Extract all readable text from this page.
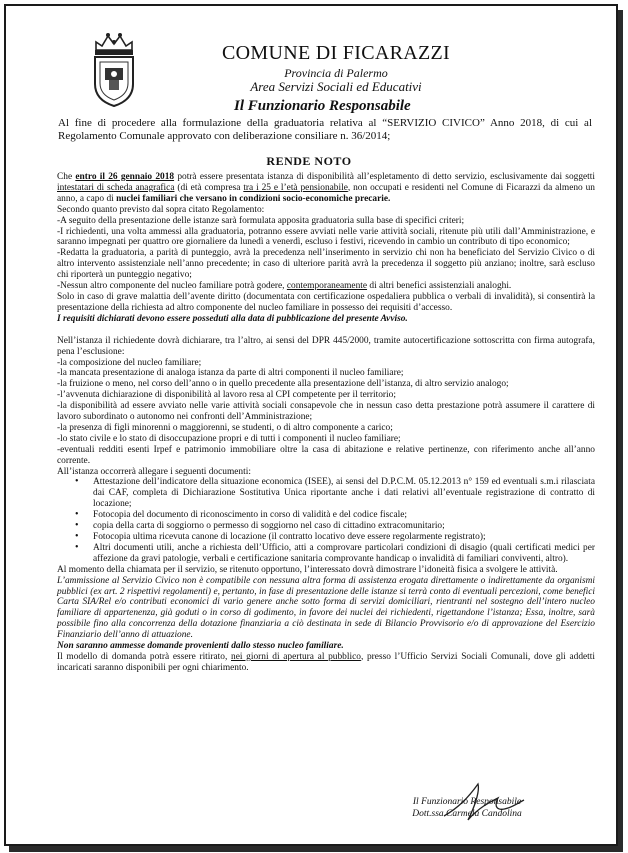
COMUNE DI FICARAZZI
Provincia di Palermo
Area Servizi Sociali ed Educativi
Il Funzionario Responsabile
Al fine di procedere alla formulazione della graduatoria relativa al “SERVIZIO CIVICO” Anno 2018, di cui al Regolamento Comunale approvato con deliberazione consiliare n. 36/2014;
RENDE NOTO

Che entro il 26 gennaio 2018 potrà essere presentata istanza di disponibilità all’espletamento di detto servizio, esclusivamente dai soggetti intestatari di scheda anagrafica (di età compresa tra i 25 e l’età pensionabile, non occupati e residenti nel Comune di Ficarazzi da almeno un anno, a capo di nuclei familiari che versano in condizioni socio-economiche precarie.

Secondo quanto previsto dal sopra citato Regolamento:

-A seguito della presentazione delle istanze sarà formulata apposita graduatoria sulla base di specifici criteri;

-I richiedenti, una volta ammessi alla graduatoria, potranno essere avviati nelle varie attività sociali, ritenute più utili dall’Amministrazione, e saranno impegnati per quattro ore giornaliere da lunedì a venerdì, escluso i festivi, ricevendo in cambio un contributo di tipo economico;

-Redatta la graduatoria, a parità di punteggio, avrà la precedenza nell’inserimento in servizio chi non ha beneficiato del Servizio Civico o di altro intervento assistenziale nell’anno precedente; in caso di ulteriore parità avrà la precedenza il soggetto più anziano; inoltre, sarà escluso chi riporterà un punteggio negativo;

-Nessun altro componente del nucleo familiare potrà godere, contemporaneamente di altri benefici assistenziali analoghi.

Solo in caso di grave malattia dell’avente diritto (documentata con certificazione ospedaliera pubblica o verbali di invalidità), si consentirà la presentazione della richiesta ad altro componente del nucleo familiare in possesso dei requisiti d’accesso.

I requisiti dichiarati devono essere posseduti alla data di pubblicazione del presente Avviso.

Nell’istanza il richiedente dovrà dichiarare, tra l’altro, ai sensi del DPR 445/2000, tramite autocertificazione sottoscritta con firma autografa, pena l’esclusione:

-la composizione del nucleo familiare;

-la mancata presentazione di analoga istanza da parte di altri componenti il nucleo familiare;

-la fruizione o meno, nel corso dell’anno o in quello precedente alla presentazione dell’istanza, di altro servizio analogo;

-l’avvenuta dichiarazione di disponibilità al lavoro resa al CPI competente per il territorio;

-la disponibilità ad essere avviato nelle varie attività sociali consapevole che in nessun caso detta prestazione potrà assumere il carattere di lavoro subordinato o autonomo nei confronti dell’Amministrazione;

-la presenza di figli minorenni o maggiorenni, se studenti, o di altro componente a carico;

-lo stato civile e lo stato di disoccupazione propri e di tutti i componenti il nucleo familiare;

-eventuali redditi esenti Irpef e patrimonio immobiliare oltre la casa di abitazione e relative pertinenze, con riferimento anche all’anno corrente.

All’istanza occorrerà allegare i seguenti documenti:

• Attestazione dell’indicatore della situazione economica (ISEE), ai sensi del D.P.C.M. 05.12.2013 n° 159 ed eventuali s.m.i rilasciata dai CAF, completa di Dichiarazione Sostitutiva Unica riportante anche i dati relativi all’eventuale registrazione di contratto di locazione;
• Fotocopia del documento di riconoscimento in corso di validità e del codice fiscale;
• copia della carta di soggiorno o permesso di soggiorno nel caso di cittadino extracomunitario;
• Fotocopia ultima ricevuta canone di locazione (il contratto locativo deve essere regolarmente registrato);
• Altri documenti utili, anche a richiesta dell’Ufficio, atti a comprovare particolari condizioni di disagio (quali certificati medici per affezione da gravi patologie, verbali e certificazione sanitaria comprovante handicap o invalidità di familiari conviventi, altro).

Al momento della chiamata per il servizio, se ritenuto opportuno, l’interessato dovrà dimostrare l’idoneità fisica a svolgere le attività.

L’ammissione al Servizio Civico non è compatibile con nessuna altra forma di assistenza erogata direttamente o indirettamente da organismi pubblici (ex art. 2 rispettivi regolamenti) e, pertanto, in fase di presentazione delle istanze si terrà conto di eventuali percezioni, come benefici Carta SIA/Rel e/o contributi economici di vario genere anche sotto forma di servizi domiciliari, rientranti nel sostegno dell’intero nucleo familiare di appartenenza, già goduti o in corso di godimento, in favore dei nuclei dei richiedenti, rigettandone l’istanza; Essa, inoltre, sarà possibile fino alla concorrenza della dotazione finanziaria a ciò destinata in sede di Bilancio Provvisorio e/o di approvazione del Esercizio Finanziario dell’anno di attuazione.

Non saranno ammesse domande provenienti dallo stesso nucleo familiare.

Il modello di domanda potrà essere ritirato, nei giorni di apertura al pubblico, presso l’Ufficio Servizi Sociali Comunali, dove gli addetti incaricati saranno disponibili per ogni chiarimento.

Il Funzionario Responsabile
Dott.ssa Carmela Candolina
